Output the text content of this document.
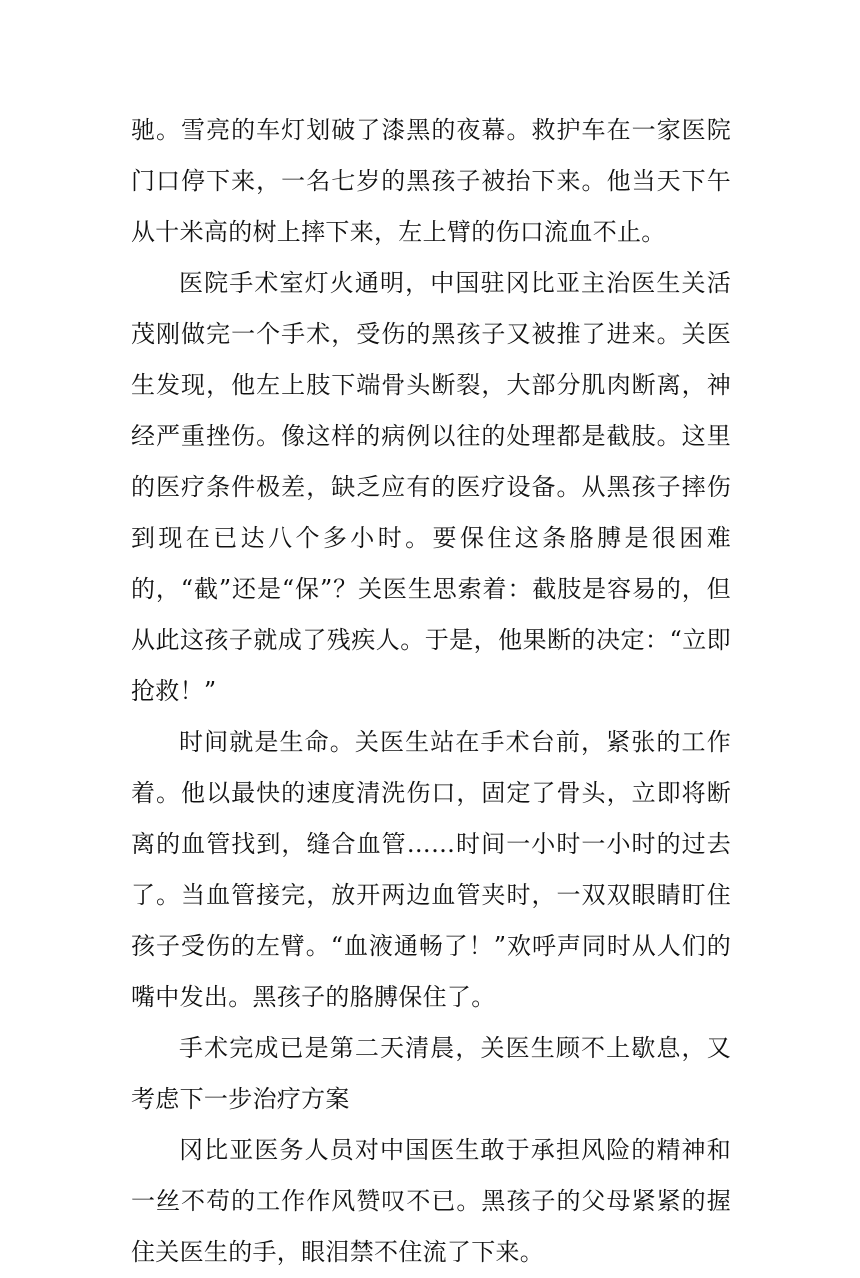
驰。雪亮的车灯划破了漆黑的夜幕。救护车在一家医院门口停下来，一名七岁的黑孩子被抬下来。他当天下午从十米高的树上摔下来，左上臂的伤口流血不止。

医院手术室灯火通明，中国驻冈比亚主治医生关活茂刚做完一个手术，受伤的黑孩子又被推了进来。关医生发现，他左上肢下端骨头断裂，大部分肌肉断离，神经严重挫伤。像这样的病例以往的处理都是截肢。这里的医疗条件极差，缺乏应有的医疗设备。从黑孩子摔伤到现在已达八个多小时。要保住这条胳膊是很困难的，“截”还是“保”？关医生思索着：截肢是容易的，但从此这孩子就成了残疾人。于是，他果断的决定：“立即抢救！”

时间就是生命。关医生站在手术台前，紧张的工作着。他以最快的速度清洗伤口，固定了骨头，立即将断离的血管找到，缝合血管……时间一小时一小时的过去了。当血管接完，放开两边血管夹时，一双双眼睛盯住孩子受伤的左臂。“血液通畅了！”欢呼声同时从人们的嘴中发出。黑孩子的胳膊保住了。

手术完成已是第二天清晨，关医生顾不上歇息，又考虑下一步治疗方案

冈比亚医务人员对中国医生敢于承担风险的精神和一丝不苟的工作作风赞叹不已。黑孩子的父母紧紧的握住关医生的手，眼泪禁不住流了下来。
